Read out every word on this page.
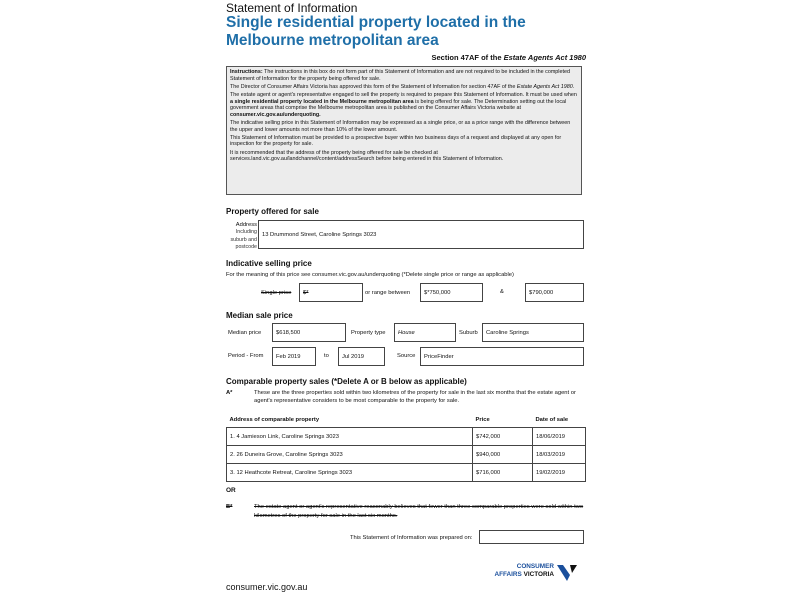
Statement of Information
Single residential property located in the Melbourne metropolitan area
Section 47AF of the Estate Agents Act 1980

Instructions: The instructions in this box do not form part of this Statement of Information and are not required to be included in the completed Statement of Information for the property being offered for sale.

The Director of Consumer Affairs Victoria has approved this form of the Statement of Information for section 47AF of the Estate Agents Act 1980.

The estate agent or agent's representative engaged to sell the property is required to prepare this Statement of Information. It must be used when a single residential property located in the Melbourne metropolitan area is being offered for sale. The Determination setting out the local government areas that comprise the Melbourne metropolitan area is published on the Consumer Affairs Victoria website at consumer.vic.gov.au/underquoting.

The indicative selling price in this Statement of Information may be expressed as a single price, or as a price range with the difference between the upper and lower amounts not more than 10% of the lower amount.

This Statement of Information must be provided to a prospective buyer within two business days of a request and displayed at any open for inspection for the property for sale.

It is recommended that the address of the property being offered for sale be checked at services.land.vic.gov.au/landchannel/content/addressSearch before being entered in this Statement of Information.

Property offered for sale
Address
Including suburb and
postcode
13 Drummond Street, Caroline Springs 3023
Indicative selling price
For the meaning of this price see consumer.vic.gov.au/underquoting (*Delete single price or range as applicable)
Single price $*	or range between	$*750,000	&	$790,000
Median sale price
Median price	$618,500	Property type	House	Suburb	Caroline Springs
Period - From	Feb 2019	to	Jul 2019	Source	PriceFinder
Comparable property sales (*Delete A or B below as applicable)
A*	These are the three properties sold within two kilometres of the property for sale in the last six months that the estate agent or agent's representative considers to be most comparable to the property for sale.
Address of comparable property	Price	Date of sale
1. 4 Jamieson Link, Caroline Springs 3023	$742,000	18/06/2019
2. 26 Duneira Grove, Caroline Springs 3023	$940,000	18/03/2019
3. 12 Heathcote Retreat, Caroline Springs 3023	$716,000	19/02/2019
OR
B*	The estate agent or agent's representative reasonably believes that fewer than three comparable properties were sold within two kilometres of the property for sale in the last six months.
This Statement of Information was prepared on:
consumer.vic.gov.au
CONSUMER
AFFAIRS VICTORIA
